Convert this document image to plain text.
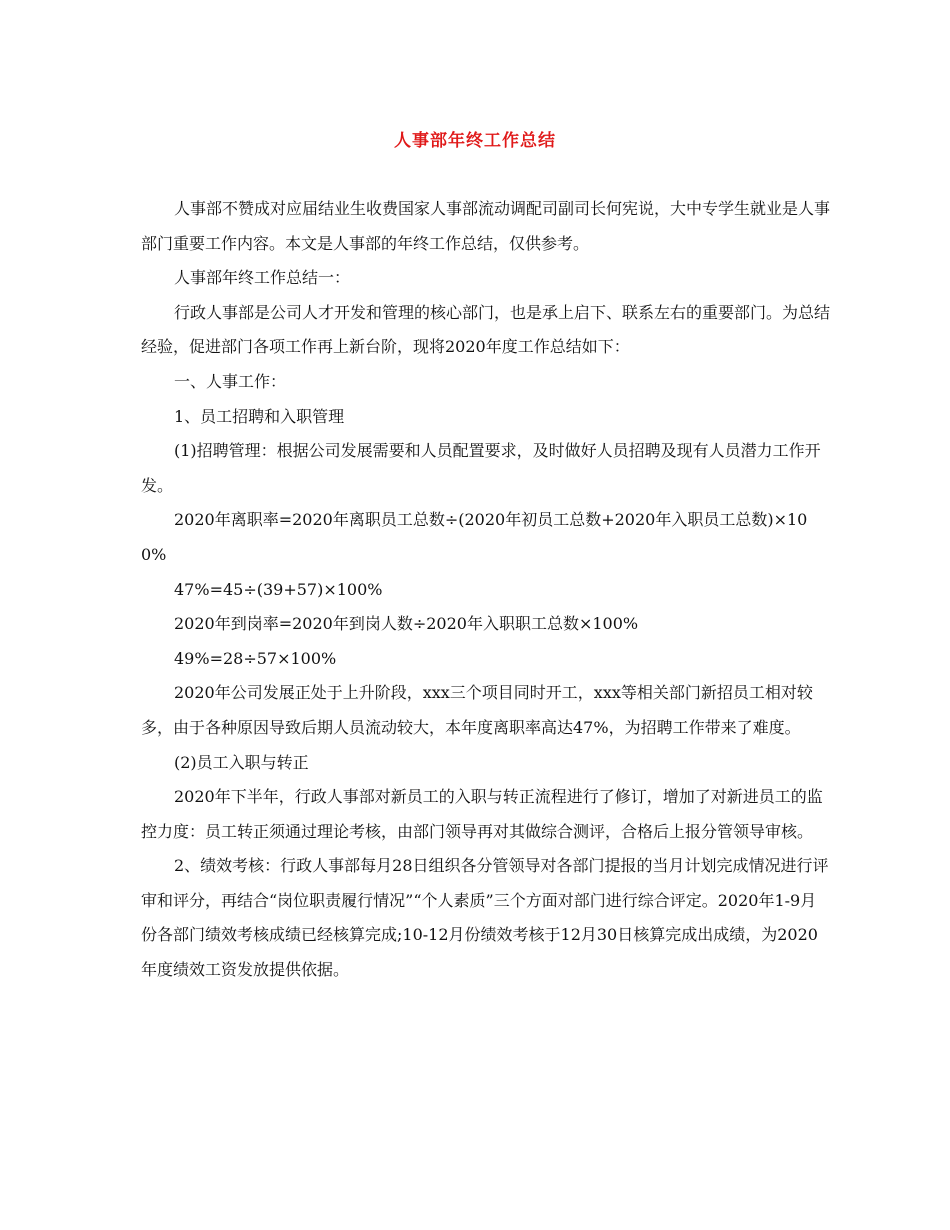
人事部年终工作总结

人事部不赞成对应届结业生收费国家人事部流动调配司副司长何宪说，大中专学生就业是人事部门重要工作内容。本文是人事部的年终工作总结，仅供参考。

人事部年终工作总结一：

行政人事部是公司人才开发和管理的核心部门，也是承上启下、联系左右的重要部门。为总结经验，促进部门各项工作再上新台阶，现将2020年度工作总结如下：

一、人事工作：

1、员工招聘和入职管理

(1)招聘管理：根据公司发展需要和人员配置要求，及时做好人员招聘及现有人员潜力工作开发。

2020年离职率=2020年离职员工总数÷(2020年初员工总数+2020年入职员工总数)×100%

47%=45÷(39+57)×100%

2020年到岗率=2020年到岗人数÷2020年入职职工总数×100%

49%=28÷57×100%

2020年公司发展正处于上升阶段，xxx三个项目同时开工，xxx等相关部门新招员工相对较多，由于各种原因导致后期人员流动较大，本年度离职率高达47%，为招聘工作带来了难度。

(2)员工入职与转正

2020年下半年，行政人事部对新员工的入职与转正流程进行了修订，增加了对新进员工的监控力度：员工转正须通过理论考核，由部门领导再对其做综合测评，合格后上报分管领导审核。

2、绩效考核：行政人事部每月28日组织各分管领导对各部门提报的当月计划完成情况进行评审和评分，再结合“岗位职责履行情况”“个人素质”三个方面对部门进行综合评定。2020年1-9月份各部门绩效考核成绩已经核算完成;10-12月份绩效考核于12月30日核算完成出成绩，为2020年度绩效工资发放提供依据。
